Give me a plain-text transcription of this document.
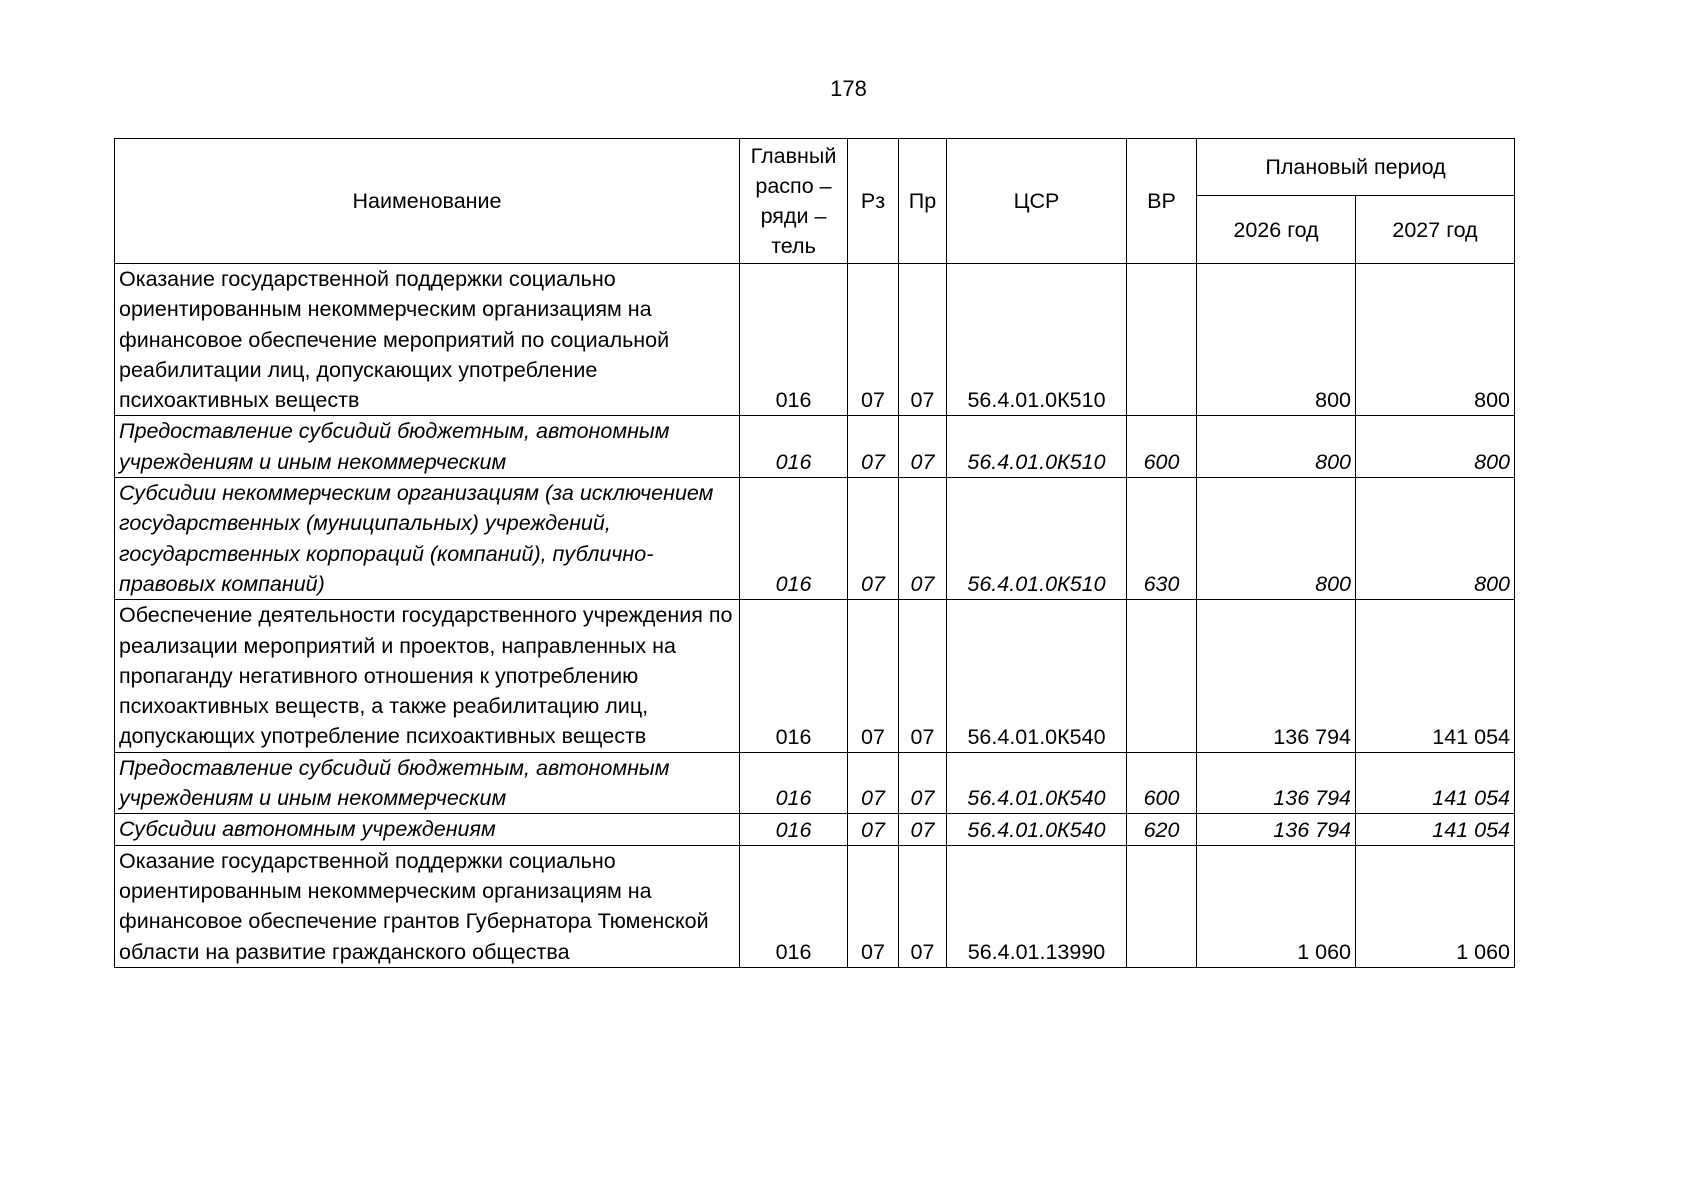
178
Наименование	Главный распо – ряди – тель	Рз	Пр	ЦСР	ВР	Плановый период	
						2026 год	2027 год
Оказание государственной поддержки социально ориентированным некоммерческим организациям на финансовое обеспечение мероприятий по социальной реабилитации лиц, допускающих употребление психоактивных веществ	016	07	07	56.4.01.0К510		800	800
Предоставление субсидий бюджетным, автономным учреждениям и иным некоммерческим	016	07	07	56.4.01.0К510	600	800	800
Субсидии некоммерческим организациям (за исключением государственных (муниципальных) учреждений, государственных корпораций (компаний), публично-правовых компаний)	016	07	07	56.4.01.0К510	630	800	800
Обеспечение деятельности государственного учреждения по реализации мероприятий и проектов, направленных на пропаганду негативного отношения к употреблению психоактивных веществ, а также реабилитацию лиц, допускающих употребление психоактивных веществ	016	07	07	56.4.01.0К540		136 794	141 054
Предоставление субсидий бюджетным, автономным учреждениям и иным некоммерческим	016	07	07	56.4.01.0К540	600	136 794	141 054
Субсидии автономным учреждениям	016	07	07	56.4.01.0К540	620	136 794	141 054
Оказание государственной поддержки социально ориентированным некоммерческим организациям на финансовое обеспечение грантов Губернатора Тюменской области на развитие гражданского общества	016	07	07	56.4.01.13990		1 060	1 060
